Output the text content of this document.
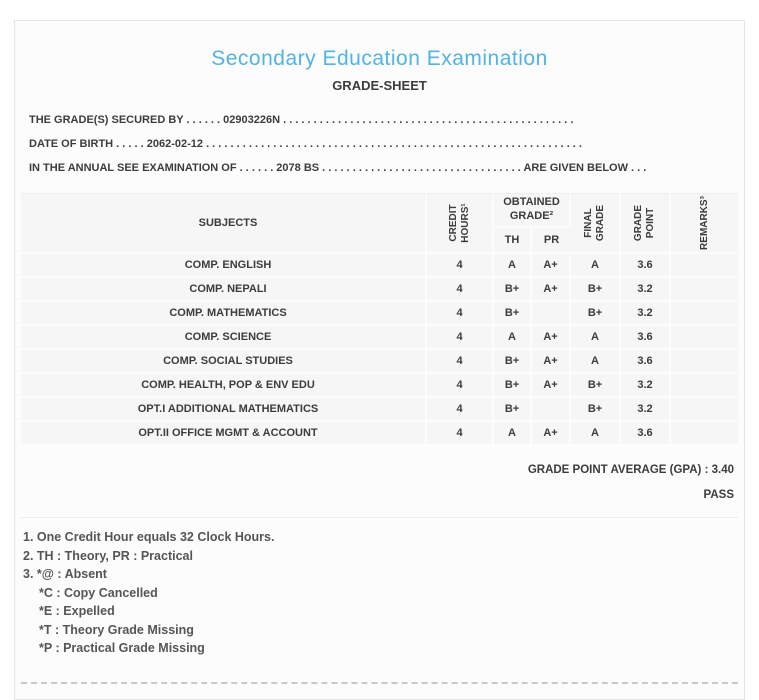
Secondary Education Examination
GRADE-SHEET
THE GRADE(S) SECURED BY . . . . . . 02903226N . . . . . . . . . . . . . . . . . . . . . . . . . . . . . . . . . . . . . . . . . . . . . . . .
DATE OF BIRTH . . . . . 2062-02-12 . . . . . . . . . . . . . . . . . . . . . . . . . . . . . . . . . . . . . . . . . . . . . . . . . . . . . . . . . . . . . .
IN THE ANNUAL SEE EXAMINATION OF . . . . . . 2078 BS . . . . . . . . . . . . . . . . . . . . . . . . . . . . . . . . . ARE GIVEN BELOW . . .
SUBJECTS	CREDIT HOURS¹	OBTAINED GRADE²		FINAL GRADE	GRADE POINT	REMARKS³

		TH	PR			
COMP. ENGLISH	4	A	A+	A	3.6	
COMP. NEPALI	4	B+	A+	B+	3.2	
COMP. MATHEMATICS	4	B+		B+	3.2	
COMP. SCIENCE	4	A	A+	A	3.6	
COMP. SOCIAL STUDIES	4	B+	A+	A	3.6	
COMP. HEALTH, POP & ENV EDU	4	B+	A+	B+	3.2	
OPT.I ADDITIONAL MATHEMATICS	4	B+		B+	3.2	
OPT.II OFFICE MGMT & ACCOUNT	4	A	A+	A	3.6	
GRADE POINT AVERAGE (GPA) : 3.40
PASS
1. One Credit Hour equals 32 Clock Hours.
2. TH : Theory, PR : Practical
3. *@ : Absent
*C : Copy Cancelled
*E : Expelled
*T : Theory Grade Missing
*P : Practical Grade Missing
